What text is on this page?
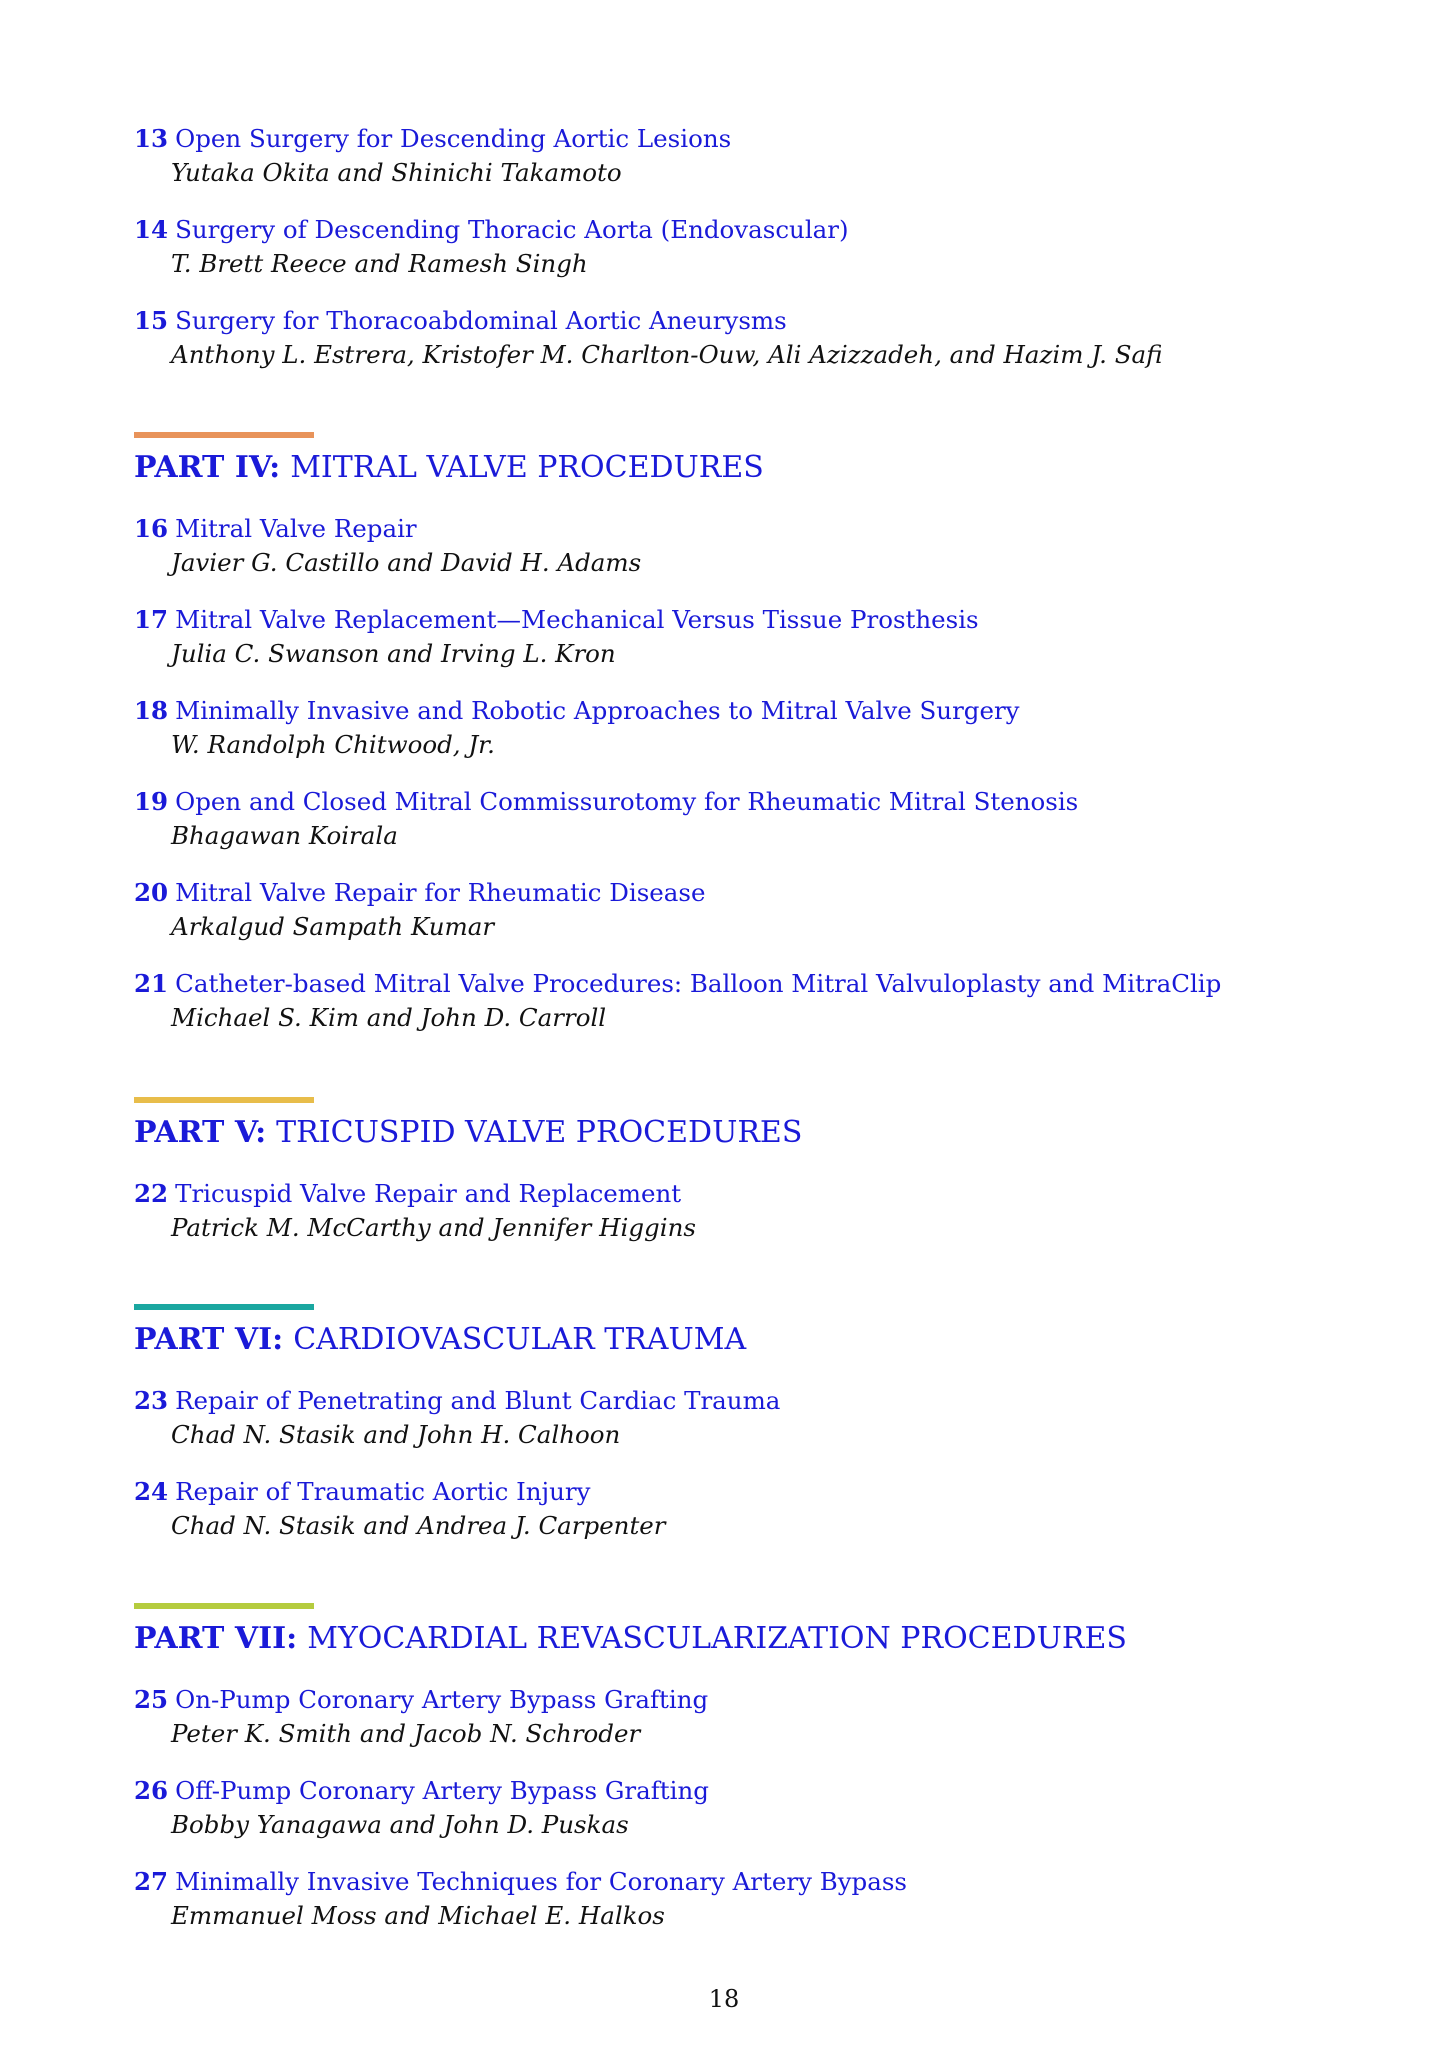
13 Open Surgery for Descending Aortic Lesions
Yutaka Okita and Shinichi Takamoto
14 Surgery of Descending Thoracic Aorta (Endovascular)
T. Brett Reece and Ramesh Singh
15 Surgery for Thoracoabdominal Aortic Aneurysms
Anthony L. Estrera, Kristofer M. Charlton-Ouw, Ali Azizzadeh, and Hazim J. Safi
PART IV: MITRAL VALVE PROCEDURES
16 Mitral Valve Repair
Javier G. Castillo and David H. Adams
17 Mitral Valve Replacement—Mechanical Versus Tissue Prosthesis
Julia C. Swanson and Irving L. Kron
18 Minimally Invasive and Robotic Approaches to Mitral Valve Surgery
W. Randolph Chitwood, Jr.
19 Open and Closed Mitral Commissurotomy for Rheumatic Mitral Stenosis
Bhagawan Koirala
20 Mitral Valve Repair for Rheumatic Disease
Arkalgud Sampath Kumar
21 Catheter-based Mitral Valve Procedures: Balloon Mitral Valvuloplasty and MitraClip
Michael S. Kim and John D. Carroll
PART V: TRICUSPID VALVE PROCEDURES
22 Tricuspid Valve Repair and Replacement
Patrick M. McCarthy and Jennifer Higgins
PART VI: CARDIOVASCULAR TRAUMA
23 Repair of Penetrating and Blunt Cardiac Trauma
Chad N. Stasik and John H. Calhoon
24 Repair of Traumatic Aortic Injury
Chad N. Stasik and Andrea J. Carpenter
PART VII: MYOCARDIAL REVASCULARIZATION PROCEDURES
25 On-Pump Coronary Artery Bypass Grafting
Peter K. Smith and Jacob N. Schroder
26 Off-Pump Coronary Artery Bypass Grafting
Bobby Yanagawa and John D. Puskas
27 Minimally Invasive Techniques for Coronary Artery Bypass
Emmanuel Moss and Michael E. Halkos
18
